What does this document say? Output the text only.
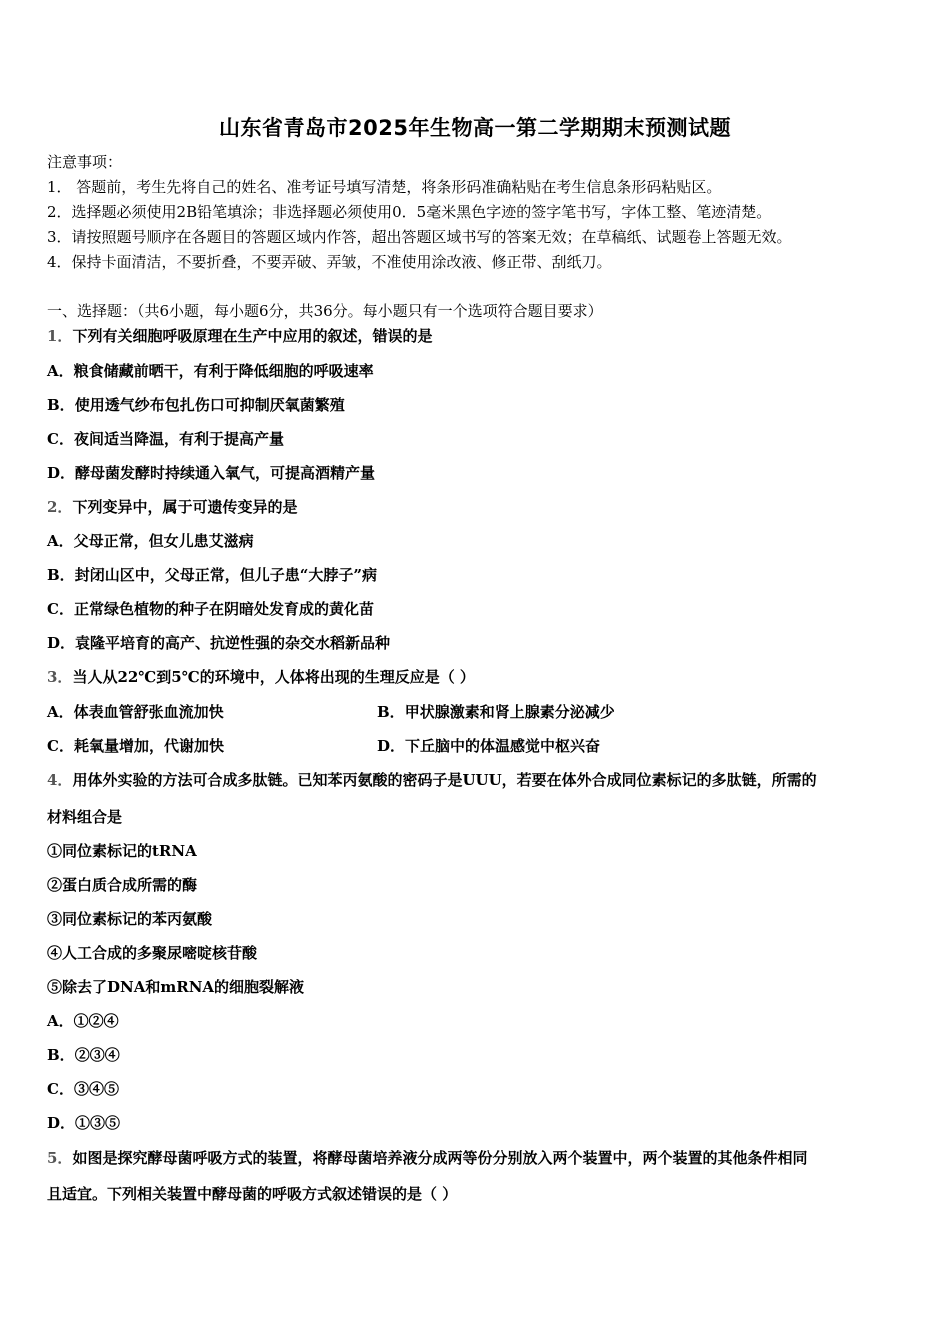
山东省青岛市2025年生物高一第二学期期末预测试题
注意事项：
1． 答题前，考生先将自己的姓名、准考证号填写清楚，将条形码准确粘贴在考生信息条形码粘贴区。
2．选择题必须使用2B铅笔填涂；非选择题必须使用0．5毫米黑色字迹的签字笔书写，字体工整、笔迹清楚。
3．请按照题号顺序在各题目的答题区域内作答，超出答题区域书写的答案无效；在草稿纸、试题卷上答题无效。
4．保持卡面清洁，不要折叠，不要弄破、弄皱，不准使用涂改液、修正带、刮纸刀。
一、选择题：（共6小题，每小题6分，共36分。每小题只有一个选项符合题目要求）
1．下列有关细胞呼吸原理在生产中应用的叙述，错误的是
A．粮食储藏前晒干，有利于降低细胞的呼吸速率
B．使用透气纱布包扎伤口可抑制厌氧菌繁殖
C．夜间适当降温，有利于提高产量
D．酵母菌发酵时持续通入氧气，可提高酒精产量
2．下列变异中，属于可遗传变异的是
A．父母正常，但女儿患艾滋病
B．封闭山区中，父母正常，但儿子患“大脖子”病
C．正常绿色植物的种子在阴暗处发育成的黄化苗
D．袁隆平培育的高产、抗逆性强的杂交水稻新品种
3．当人从22℃到5℃的环境中，人体将出现的生理反应是（ ）
A．体表血管舒张血流加快	B．甲状腺激素和肾上腺素分泌减少
C．耗氧量增加，代谢加快	D．下丘脑中的体温感觉中枢兴奋
4．用体外实验的方法可合成多肽链。已知苯丙氨酸的密码子是UUU，若要在体外合成同位素标记的多肽链，所需的
材料组合是
①同位素标记的tRNA
②蛋白质合成所需的酶
③同位素标记的苯丙氨酸
④人工合成的多聚尿嘧啶核苷酸
⑤除去了DNA和mRNA的细胞裂解液
A．①②④
B．②③④
C．③④⑤
D．①③⑤
5．如图是探究酵母菌呼吸方式的装置，将酵母菌培养液分成两等份分别放入两个装置中，两个装置的其他条件相同
且适宜。下列相关装置中酵母菌的呼吸方式叙述错误的是（ ）
